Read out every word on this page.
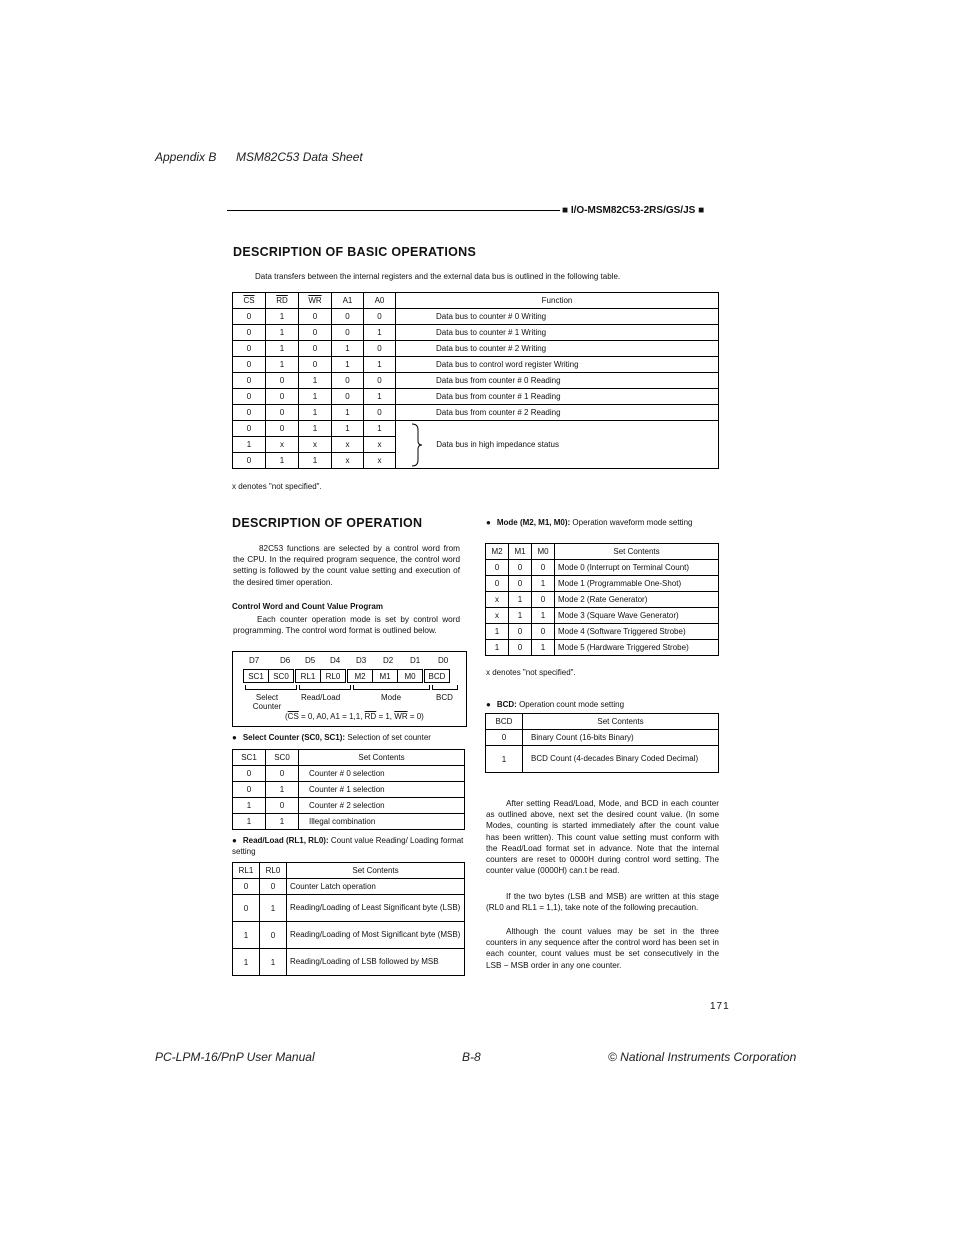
Appendix B MSM82C53 Data Sheet
■ I/O-MSM82C53-2RS/GS/JS ■
DESCRIPTION OF BASIC OPERATIONS
Data transfers between the internal registers and the external data bus is outlined in the following table.
$\overline{CS}$	$\overline{RD}$	$\overline{WR}$	A1	A0	Function
0	1	0	0	0	Data bus to counter # 0 Writing
0	1	0	0	1	Data bus to counter # 1 Writing
0	1	0	1	0	Data bus to counter # 2 Writing
0	1	0	1	1	Data bus to control word register Writing
0	0	1	0	0	Data bus from counter # 0 Reading
0	0	1	0	1	Data bus from counter # 1 Reading
0	0	1	1	0	Data bus from counter # 2 Reading
0	0	1	1	1	Data bus in high impedance status
1	x	x	x	x	
0	1	1	x	x	
x denotes "not specified".
DESCRIPTION OF OPERATION
82C53 functions are selected by a control word from the CPU. In the required program sequence, the control word setting is followed by the count value setting and execution of the desired timer operation.
Control Word and Count Value Program
Each counter operation mode is set by control word programming. The control word format is outlined below.
D7	D6 D5 D4 D3 D2 D1 D0
SC1	SC0	RL1	RL0	M2	M1	M0	BCD
Select Counter
Read/Load	Mode	BCD
($\overline{CS} = 0$, A0, A1 = 1,1, $\overline{RD} = 1$, $\overline{WR} = 0$)
● Select Counter (SC0, SC1): Selection of set counter
SC1	SC0	Set Contents
0	0	Counter # 0 selection
0	1	Counter # 1 selection
1	0	Counter # 2 selection
1	1	Illegal combination
● Read/Load (RL1, RL0): Count value Reading/ Loading format setting
RL1	RL0	Set Contents
0	0	Counter Latch operation
0	1	Reading/Loading of Least Significant byte (LSB)
1	0	Reading/Loading of Most Significant byte (MSB)
1	1	Reading/Loading of LSB followed by MSB
● Mode (M2, M1, M0): Operation waveform mode setting
M2	M1	M0	Set Contents
0	0	0	Mode 0 (Interrupt on Terminal Count)
0	0	1	Mode 1 (Programmable One-Shot)
x	1	0	Mode 2 (Rate Generator)
x	1	1	Mode 3 (Square Wave Generator)
1	0	0	Mode 4 (Software Triggered Strobe)
1	0	1	Mode 5 (Hardware Triggered Strobe)
x denotes "not specified".
● BCD: Operation count mode setting
BCD	Set Contents
0	Binary Count (16-bits Binary)
1	BCD Count (4-decades Binary Coded Decimal)
After setting Read/Load, Mode, and BCD in each counter as outlined above, next set the desired count value. (In some Modes, counting is started immediately after the count value has been written). This count value setting must conform with the Read/Load format set in advance. Note that the internal counters are reset to 0000H during control word setting. The counter value (0000H) can.t be read.
If the two bytes (LSB and MSB) are written at this stage (RL0 and RL1 = 1,1), take note of the following precaution.
Although the count values may be set in the three counters in any sequence after the control word has been set in each counter, count values must be set consecutively in the LSB − MSB order in any one counter.
171
PC-LPM-16/PnP User Manual	B-8	© National Instruments Corporation
